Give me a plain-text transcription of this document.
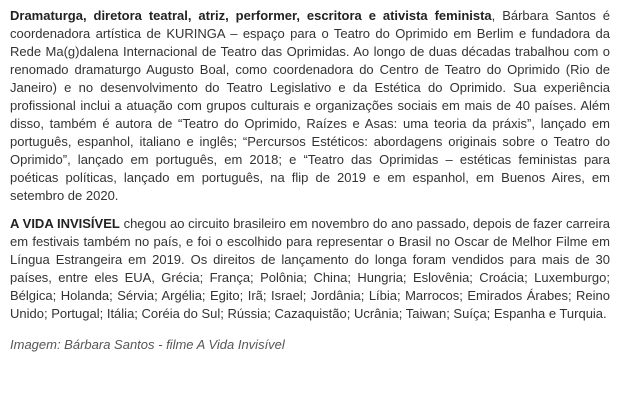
Dramaturga, diretora teatral, atriz, performer, escritora e ativista feminista, Bárbara Santos é coordenadora artística de KURINGA – espaço para o Teatro do Oprimido em Berlim e fundadora da Rede Ma(g)dalena Internacional de Teatro das Oprimidas. Ao longo de duas décadas trabalhou com o renomado dramaturgo Augusto Boal, como coordenadora do Centro de Teatro do Oprimido (Rio de Janeiro) e no desenvolvimento do Teatro Legislativo e da Estética do Oprimido. Sua experiência profissional inclui a atuação com grupos culturais e organizações sociais em mais de 40 países. Além disso, também é autora de “Teatro do Oprimido, Raízes e Asas: uma teoria da práxis”, lançado em português, espanhol, italiano e inglês; “Percursos Estéticos: abordagens originais sobre o Teatro do Oprimido”, lançado em português, em 2018; e “Teatro das Oprimidas – estéticas feministas para poéticas políticas, lançado em português, na flip de 2019 e em espanhol, em Buenos Aires, em setembro de 2020.

A VIDA INVISÍVEL chegou ao circuito brasileiro em novembro do ano passado, depois de fazer carreira em festivais também no país, e foi o escolhido para representar o Brasil no Oscar de Melhor Filme em Língua Estrangeira em 2019. Os direitos de lançamento do longa foram vendidos para mais de 30 países, entre eles EUA, Grécia; França; Polônia; China; Hungria; Eslovênia; Croácia; Luxemburgo; Bélgica; Holanda; Sérvia; Argélia; Egito; Irã; Israel; Jordânia; Líbia; Marrocos; Emirados Árabes; Reino Unido; Portugal; Itália; Coréia do Sul; Rússia; Cazaquistão; Ucrânia; Taiwan; Suíça; Espanha e Turquia.

Imagem: Bárbara Santos - filme A Vida Invisível
